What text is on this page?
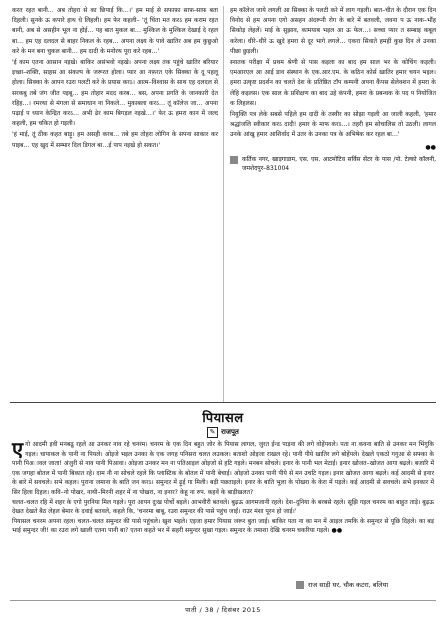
करत रहत बानी… अब तोहरा से का छिपाई कि…।' हम माई से सफाफ़ा साफ़-साफ़ बता दिहली। सुनके ऊ कपारे हाथ धे लिहली। हम फेर कहली– 'तूं चिंता मत करऽ हम कराम रहत बानी, अब से असहीन भूल ना होई… पह बात मुकल बा… मुश्किल के मुश्किल देखाई दे रहल बा… हम एह दलदल से बाहर निकल के रहब… अपना लक्ष्य के पावे खातिर अब हम कुछुओ करे के मन बना चुकल बानी… हम दादी के मनोरथ पूरा करे रहब…'

'ई काम एतना आसान नइखे। बाकिर असंभवो नइखे। अपना लक्ष्य तक पहुंचे खातिर बरियार इच्छा–शक्ति, साहस आ संकल्प के जरूरत होला। प्यार आ नफ़रत एके सिक्का के दू पहलू होला। सिक्का के आपन रउरा पलटी करे के प्रयास करऽ। आत्म–विश्वास के साथ एह दलदल से सरकबु तबे जंग जीत पइबू… हम तोहार मदद करब… बस, अपना प्रगति के जानकारी देत रहिह…। रमरथा से मंगला से समाधान ना निकले… मुकाबला करऽ… तूं कॉलेज जा… अपना पढ़ाई प ध्यान केन्द्रित करऽ… अभी ढेर काम बिगड़ल नइखे…।' फेर ऊ हमरा कान में जल्द कहली, हम चकित हो गइली।

'हं माई, तूं ठीक कहत बाड़ू। हम असही करब… तबे हम तोहरा लोगिन के सपना साकार कर पाइब… एह खुद में सम्भार दिल डिगल बा…ई पाप नइखे हो सकत।'

हम कॉलेज जाये लगली आ सिक्का के पलटी करे में लाग गइली। बात–चीत के दौरान एक दिन विनोद से हम अपना एगो असहन अंदरूनी रोग के बारे में बतवली, जवना प ऊ नाक–भौंह सिकोड़ लेहलें। माई के सुझाव, कामयाब भइल आ ऊ फेल…। सच्चा प्यार त सम्बाइ कबूल करेला। धीरे–धीरे ऊ खुदे हमरा से दूर भागे लगले… एकरा सिवाते हमहीं कुछ दिन ले उनका पीछा छुड़ली।

स्नातक परीक्षा में प्रथम श्रेणी से पास कइला का बाद हम साल भर के कोचिंग कइली। एमआरएल आ आई डाव संस्थान के एक.आर.एम. के कठिन कोर्स खातिर हमार चयन भइल। हमरा उत्कृष्ट प्रदर्शन का चलते देश के प्रतिष्ठित टॉप कम्पनी अपना कैंपस सेलेक्शन में हमरा के लेहि कइलस। एक साल के प्रशिक्षण का बाद उहे कंपनी, हमरा के प्रबन्धक के पद प नियोजित क लिहलस।

नियुक्ति पत्र लेके सबसे पहिले हम दादी के तस्वीर का सोझा गइली आ जाली कहली, 'हमार श्रद्धांजलि स्वीकार करऽ दादी! हमार के माफ करऽ…। तहरी हम सोचालिस तो उठली। लागल उनके आंखु हमार आशिर्वाद में उतर के उनका पत्र के अभिषेक कर रहल बा…'

●●
कर्तिक नगर, खाड़गाडाम, एस. एस. आटमोटिव सर्विस सेंटर के पास /पो. टेल्को कॉलनी, जमशेदपुर–831004
पियासल
✎ राजपूत
ए गो आदमी इवी मनबढू रहले आ उनकर नाव रहे चनरम। चनरम के एक दिन बहुत जोर के पियास लागल, जुरत ईन्ड पाड़ना की लगे वोहेंपवले। पता ना कवना बाति से उनकर मन भिंगुकि गइल। चापाकल के पानी ना पियले। ओइजे भइल उनका के एक जगह पनिसरा चलत लउकल। बताशो ओइजा राखल रहे। पानी पीये खातिर लगे बोहेंपले। देखले एकठो गगुआ से सफ्का के पानी पिअावल जाता! अंजुरी से नाव पानी पिआवा। ओइजा उनकर मन ना पतिआइल ओइजो से हटि गइले। मनबन सोचले। इनार के पानी भल मेटाई। इनार खोजत–खोजत आगा बढ़ले। बजारि में एक जगहा बोतल में पानी बिकात रहे। दाम नी ना सोचले रहले कि प्लास्टिक के बोतल में पानी बेचाई। ओइजो उनका पानी पीये से मन उचटि गइल। इनार खोजत आगा बढ़ले। कई आदमी से इनार के बारे में सवचले। सभे कहल। पुराना जमाना के बाति जन करऽ। समुन्दर में ढ़ूई गा मिली। बड़ी पछताइले। इनार के बाति भुला के पोखरा के केरा में पड़ले। कई आदमी से सवचले। सभे इनकार में सिर हिला दिहल। कवि–नो पोखर, नाथी–मिरनी शहर में ना पोखरा, ना इनार? केहू ना रुप. कहवें के बाड़ीखलत?

चलत–चलत रहि में शहर के एगो पुरनिया मिल गइले। पूरा आपन दुःख पोर्चो बइले। आभवीरी बतवले। बुढ़ऊ आगमजानी रहले। देश–दुनिया के बरबसे रहले। सूझि गइल चनरम का बाहुत ताड़े। बुढ़ऊ देखत देखते बैठ लेहल बेमार के दवाई बतवले, कहले कि, 'चनरमा बाबू, रउरा समुन्दर की पासे पहुंच जाईं। राउर मंशा पूरन हो जाई।'

पियासल चनरम अपना रहल। चलत–चलत समुन्दर की पासे पहुंचले। खुश भइले। एइजा हमार पियास जरूर बुता जाई। बाकिर पता ना का मन में आइल तमकि के समुन्दर से पूछि दिहले। का बड़ भाई समुन्दर जी! का रउरा लगे खाली एतना पानी बा? एतना कहते भर में सहरी समुन्दर सुखा गइल। समुन्दर के तमाशा देखि चनरम चकरिया गइले। ●●

राज साड़ी घर, चौक कटरा, बलिया
पाती / 38 / दिसंबर 2015
